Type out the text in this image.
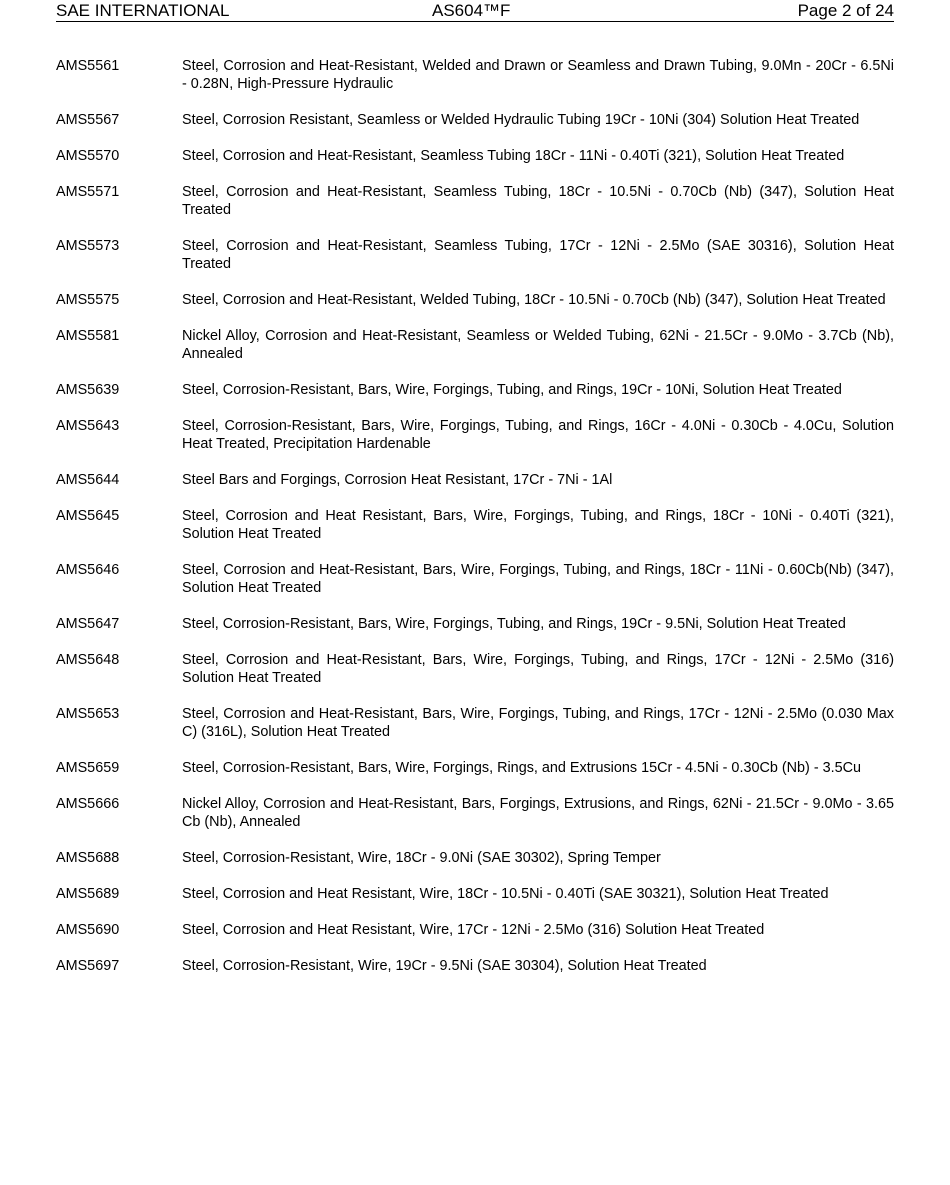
SAE INTERNATIONAL	AS604™F	Page 2 of 24
AMS5561	Steel, Corrosion and Heat-Resistant, Welded and Drawn or Seamless and Drawn Tubing, 9.0Mn - 20Cr - 6.5Ni - 0.28N, High-Pressure Hydraulic
AMS5567	Steel, Corrosion Resistant, Seamless or Welded Hydraulic Tubing 19Cr - 10Ni (304) Solution Heat Treated
AMS5570	Steel, Corrosion and Heat-Resistant, Seamless Tubing 18Cr - 11Ni - 0.40Ti (321), Solution Heat Treated
AMS5571	Steel, Corrosion and Heat-Resistant, Seamless Tubing, 18Cr - 10.5Ni - 0.70Cb (Nb) (347), Solution Heat Treated
AMS5573	Steel, Corrosion and Heat-Resistant, Seamless Tubing, 17Cr - 12Ni - 2.5Mo (SAE 30316), Solution Heat Treated
AMS5575	Steel, Corrosion and Heat-Resistant, Welded Tubing, 18Cr - 10.5Ni - 0.70Cb (Nb) (347), Solution Heat Treated
AMS5581	Nickel Alloy, Corrosion and Heat-Resistant, Seamless or Welded Tubing, 62Ni - 21.5Cr - 9.0Mo - 3.7Cb (Nb), Annealed
AMS5639	Steel, Corrosion-Resistant, Bars, Wire, Forgings, Tubing, and Rings, 19Cr - 10Ni, Solution Heat Treated
AMS5643	Steel, Corrosion-Resistant, Bars, Wire, Forgings, Tubing, and Rings, 16Cr - 4.0Ni - 0.30Cb - 4.0Cu, Solution Heat Treated, Precipitation Hardenable
AMS5644	Steel Bars and Forgings, Corrosion Heat Resistant, 17Cr - 7Ni - 1Al
AMS5645	Steel, Corrosion and Heat Resistant, Bars, Wire, Forgings, Tubing, and Rings, 18Cr - 10Ni - 0.40Ti (321), Solution Heat Treated
AMS5646	Steel, Corrosion and Heat-Resistant, Bars, Wire, Forgings, Tubing, and Rings, 18Cr - 11Ni - 0.60Cb(Nb) (347), Solution Heat Treated
AMS5647	Steel, Corrosion-Resistant, Bars, Wire, Forgings, Tubing, and Rings, 19Cr - 9.5Ni, Solution Heat Treated
AMS5648	Steel, Corrosion and Heat-Resistant, Bars, Wire, Forgings, Tubing, and Rings, 17Cr - 12Ni - 2.5Mo (316) Solution Heat Treated
AMS5653	Steel, Corrosion and Heat-Resistant, Bars, Wire, Forgings, Tubing, and Rings, 17Cr - 12Ni - 2.5Mo (0.030 Max C) (316L), Solution Heat Treated
AMS5659	Steel, Corrosion-Resistant, Bars, Wire, Forgings, Rings, and Extrusions 15Cr - 4.5Ni - 0.30Cb (Nb) - 3.5Cu
AMS5666	Nickel Alloy, Corrosion and Heat-Resistant, Bars, Forgings, Extrusions, and Rings, 62Ni - 21.5Cr - 9.0Mo - 3.65 Cb (Nb), Annealed
AMS5688	Steel, Corrosion-Resistant, Wire, 18Cr - 9.0Ni (SAE 30302), Spring Temper
AMS5689	Steel, Corrosion and Heat Resistant, Wire, 18Cr - 10.5Ni - 0.40Ti (SAE 30321), Solution Heat Treated
AMS5690	Steel, Corrosion and Heat Resistant, Wire, 17Cr - 12Ni - 2.5Mo (316) Solution Heat Treated
AMS5697	Steel, Corrosion-Resistant, Wire, 19Cr - 9.5Ni (SAE 30304), Solution Heat Treated
